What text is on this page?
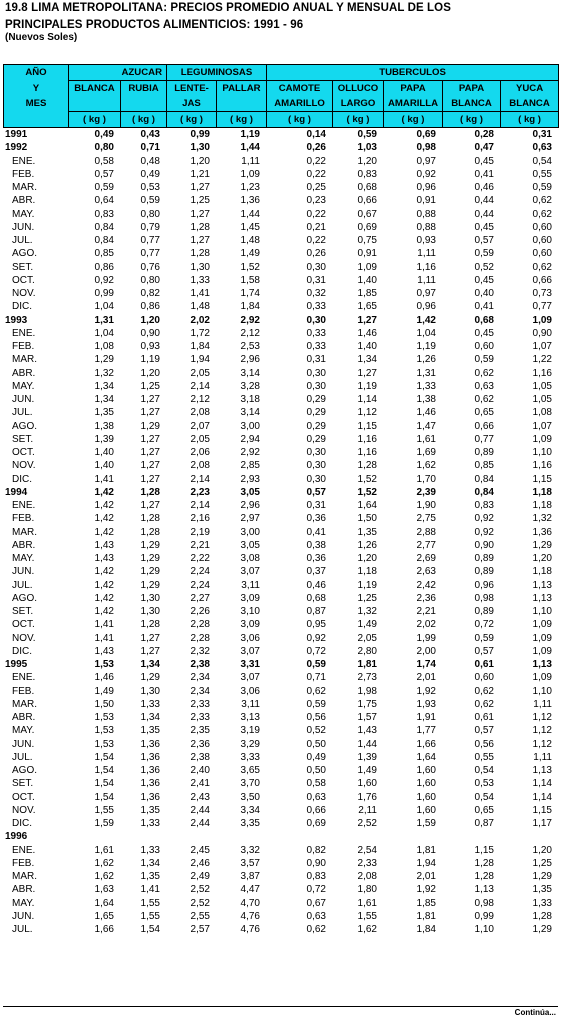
19.8 LIMA METROPOLITANA: PRECIOS PROMEDIO ANUAL Y MENSUAL DE LOS
PRINCIPALES PRODUCTOS ALIMENTICIOS: 1991 - 96
(Nuevos Soles)
AÑO	AZUCAR		LEGUMINOSAS		TUBERCULOS				
Y	BLANCA	RUBIA	LENTE-	PALLAR	CAMOTE	OLLUCO	PAPA	PAPA	YUCA
MES			JAS		AMARILLO	LARGO	AMARILLA	BLANCA	BLANCA
	( kg )	( kg )	( kg )	( kg )	( kg )	( kg )	( kg )	( kg )	( kg )
1991	0,49	0,43	0,99	1,19	0,14	0,59	0,69	0,28	0,31
1992	0,80	0,71	1,30	1,44	0,26	1,03	0,98	0,47	0,63
ENE.	0,58	0,48	1,20	1,11	0,22	1,20	0,97	0,45	0,54
FEB.	0,57	0,49	1,21	1,09	0,22	0,83	0,92	0,41	0,55
MAR.	0,59	0,53	1,27	1,23	0,25	0,68	0,96	0,46	0,59
ABR.	0,64	0,59	1,25	1,36	0,23	0,66	0,91	0,44	0,62
MAY.	0,83	0,80	1,27	1,44	0,22	0,67	0,88	0,44	0,62
JUN.	0,84	0,79	1,28	1,45	0,21	0,69	0,88	0,45	0,60
JUL.	0,84	0,77	1,27	1,48	0,22	0,75	0,93	0,57	0,60
AGO.	0,85	0,77	1,28	1,49	0,26	0,91	1,11	0,59	0,60
SET.	0,86	0,76	1,30	1,52	0,30	1,09	1,16	0,52	0,62
OCT.	0,92	0,80	1,33	1,58	0,31	1,40	1,11	0,45	0,66
NOV.	0,99	0,82	1,41	1,74	0,32	1,85	0,97	0,40	0,73
DIC.	1,04	0,86	1,48	1,84	0,33	1,65	0,96	0,41	0,77
1993	1,31	1,20	2,02	2,92	0,30	1,27	1,42	0,68	1,09
ENE.	1,04	0,90	1,72	2,12	0,33	1,46	1,04	0,45	0,90
FEB.	1,08	0,93	1,84	2,53	0,33	1,40	1,19	0,60	1,07
MAR.	1,29	1,19	1,94	2,96	0,31	1,34	1,26	0,59	1,22
ABR.	1,32	1,20	2,05	3,14	0,30	1,27	1,31	0,62	1,16
MAY.	1,34	1,25	2,14	3,28	0,30	1,19	1,33	0,63	1,05
JUN.	1,34	1,27	2,12	3,18	0,29	1,14	1,38	0,62	1,05
JUL.	1,35	1,27	2,08	3,14	0,29	1,12	1,46	0,65	1,08
AGO.	1,38	1,29	2,07	3,00	0,29	1,15	1,47	0,66	1,07
SET.	1,39	1,27	2,05	2,94	0,29	1,16	1,61	0,77	1,09
OCT.	1,40	1,27	2,06	2,92	0,30	1,16	1,69	0,89	1,10
NOV.	1,40	1,27	2,08	2,85	0,30	1,28	1,62	0,85	1,16
DIC.	1,41	1,27	2,14	2,93	0,30	1,52	1,70	0,84	1,15
1994	1,42	1,28	2,23	3,05	0,57	1,52	2,39	0,84	1,18
ENE.	1,42	1,27	2,14	2,96	0,31	1,64	1,90	0,83	1,18
FEB.	1,42	1,28	2,16	2,97	0,36	1,50	2,75	0,92	1,32
MAR.	1,42	1,28	2,19	3,00	0,41	1,35	2,88	0,92	1,36
ABR.	1,43	1,29	2,21	3,05	0,38	1,26	2,77	0,90	1,29
MAY.	1,43	1,29	2,22	3,08	0,36	1,20	2,69	0,89	1,20
JUN.	1,42	1,29	2,24	3,07	0,37	1,18	2,63	0,89	1,18
JUL.	1,42	1,29	2,24	3,11	0,46	1,19	2,42	0,96	1,13
AGO.	1,42	1,30	2,27	3,09	0,68	1,25	2,36	0,98	1,13
SET.	1,42	1,30	2,26	3,10	0,87	1,32	2,21	0,89	1,10
OCT.	1,41	1,28	2,28	3,09	0,95	1,49	2,02	0,72	1,09
NOV.	1,41	1,27	2,28	3,06	0,92	2,05	1,99	0,59	1,09
DIC.	1,43	1,27	2,32	3,07	0,72	2,80	2,00	0,57	1,09
1995	1,53	1,34	2,38	3,31	0,59	1,81	1,74	0,61	1,13
ENE.	1,46	1,29	2,34	3,07	0,71	2,73	2,01	0,60	1,09
FEB.	1,49	1,30	2,34	3,06	0,62	1,98	1,92	0,62	1,10
MAR.	1,50	1,33	2,33	3,11	0,59	1,75	1,93	0,62	1,11
ABR.	1,53	1,34	2,33	3,13	0,56	1,57	1,91	0,61	1,12
MAY.	1,53	1,35	2,35	3,19	0,52	1,43	1,77	0,57	1,12
JUN.	1,53	1,36	2,36	3,29	0,50	1,44	1,66	0,56	1,12
JUL.	1,54	1,36	2,38	3,33	0,49	1,39	1,64	0,55	1,11
AGO.	1,54	1,36	2,40	3,65	0,50	1,49	1,60	0,54	1,13
SET.	1,54	1,36	2,41	3,70	0,58	1,60	1,60	0,53	1,14
OCT.	1,54	1,36	2,43	3,50	0,63	1,76	1,60	0,54	1,14
NOV.	1,55	1,35	2,44	3,34	0,66	2,11	1,60	0,65	1,15
DIC.	1,59	1,33	2,44	3,35	0,69	2,52	1,59	0,87	1,17
1996									
ENE.	1,61	1,33	2,45	3,32	0,82	2,54	1,81	1,15	1,20
FEB.	1,62	1,34	2,46	3,57	0,90	2,33	1,94	1,28	1,25
MAR.	1,62	1,35	2,49	3,87	0,83	2,08	2,01	1,28	1,29
ABR.	1,63	1,41	2,52	4,47	0,72	1,80	1,92	1,13	1,35
MAY.	1,64	1,55	2,52	4,70	0,67	1,61	1,85	0,98	1,33
JUN.	1,65	1,55	2,55	4,76	0,63	1,55	1,81	0,99	1,28
JUL.	1,66	1,54	2,57	4,76	0,62	1,62	1,84	1,10	1,29
Continúa...
